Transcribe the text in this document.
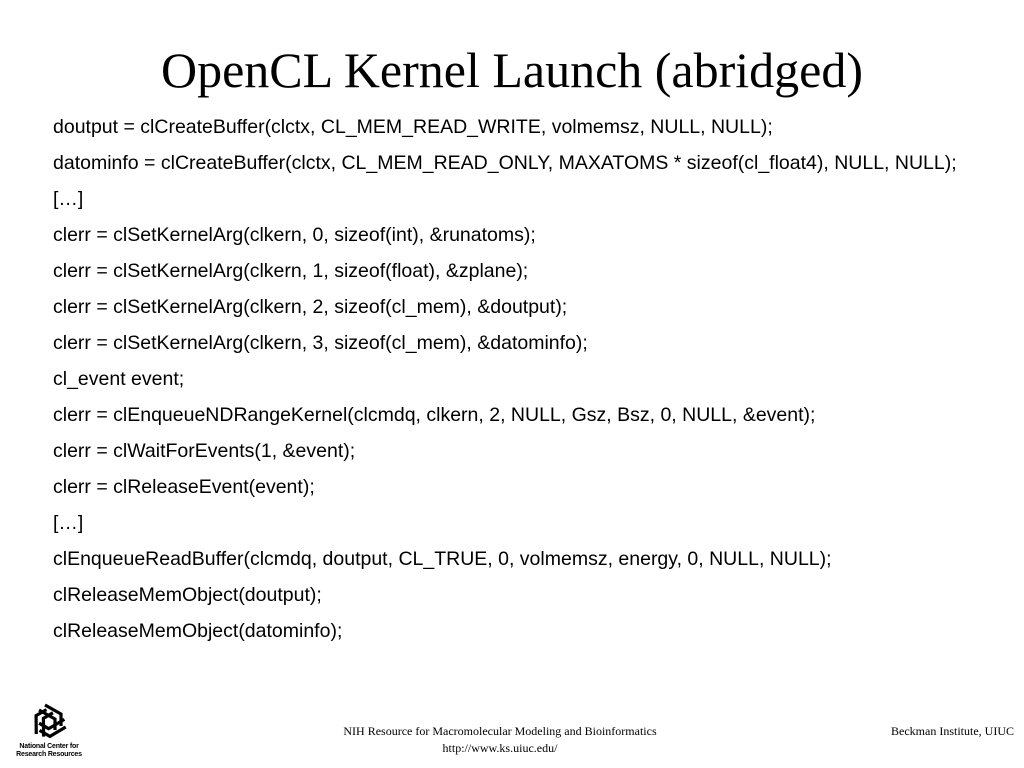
OpenCL Kernel Launch (abridged)
doutput = clCreateBuffer(clctx, CL_MEM_READ_WRITE, volmemsz, NULL, NULL);
datominfo = clCreateBuffer(clctx, CL_MEM_READ_ONLY, MAXATOMS * sizeof(cl_float4), NULL, NULL);
[…]
clerr = clSetKernelArg(clkern, 0, sizeof(int), &runatoms);
clerr = clSetKernelArg(clkern, 1, sizeof(float), &zplane);
clerr = clSetKernelArg(clkern, 2, sizeof(cl_mem), &doutput);
clerr = clSetKernelArg(clkern, 3, sizeof(cl_mem), &datominfo);
cl_event event;
clerr = clEnqueueNDRangeKernel(clcmdq, clkern, 2, NULL, Gsz, Bsz, 0, NULL, &event);
clerr = clWaitForEvents(1, &event);
clerr = clReleaseEvent(event);
[…]
clEnqueueReadBuffer(clcmdq, doutput, CL_TRUE, 0, volmemsz, energy, 0, NULL, NULL);
clReleaseMemObject(doutput);
clReleaseMemObject(datominfo);
National Center for
Research Resources
NIH Resource for Macromolecular Modeling and Bioinformatics
http://www.ks.uiuc.edu/
Beckman Institute, UIUC
